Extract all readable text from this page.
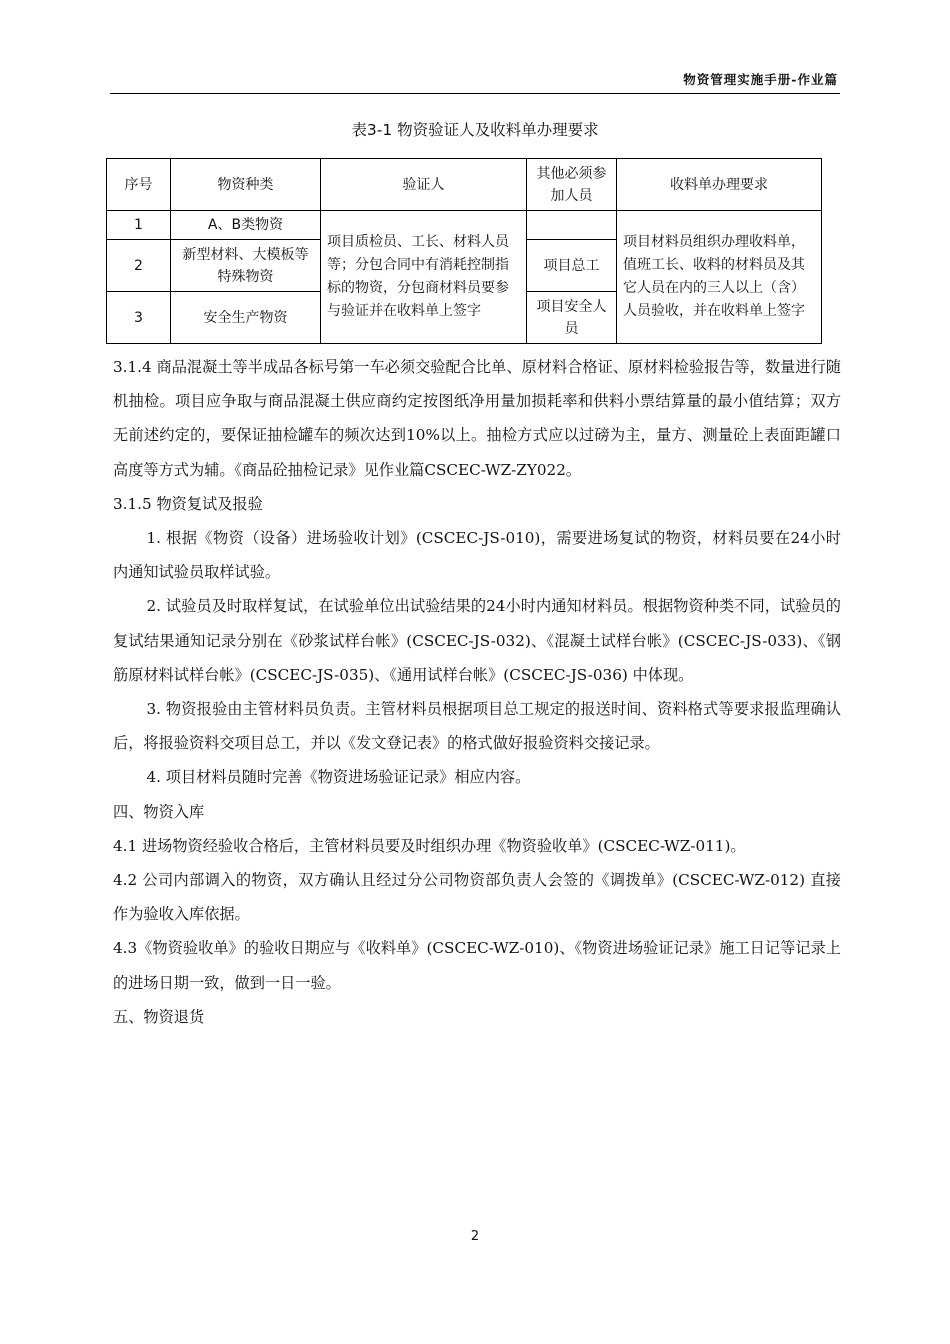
物资管理实施手册-作业篇
表3-1 物资验证人及收料单办理要求
序号	物资种类	验证人	其他必须参加人员	收料单办理要求
1	A、B类物资	项目质检员、工长、材料人员等；分包合同中有消耗控制指标的物资，分包商材料员要参与验证并在收料单上签字		项目材料员组织办理收料单，值班工长、收料的材料员及其它人员在内的三人以上（含）人员验收，并在收料单上签字
2	新型材料、大模板等特殊物资		项目总工	
3	安全生产物资		项目安全人员	

3.1.4 商品混凝土等半成品各标号第一车必须交验配合比单、原材料合格证、原材料检验报告等，数量进行随机抽检。项目应争取与商品混凝土供应商约定按图纸净用量加损耗率和供料小票结算量的最小值结算；双方无前述约定的，要保证抽检罐车的频次达到10%以上。抽检方式应以过磅为主，量方、测量砼上表面距罐口高度等方式为辅。《商品砼抽检记录》见作业篇CSCEC-WZ-ZY022。

3.1.5 物资复试及报验

1. 根据《物资（设备）进场验收计划》(CSCEC-JS-010)，需要进场复试的物资，材料员要在24小时内通知试验员取样试验。

2. 试验员及时取样复试，在试验单位出试验结果的24小时内通知材料员。根据物资种类不同，试验员的复试结果通知记录分别在《砂浆试样台帐》(CSCEC-JS-032)、《混凝土试样台帐》(CSCEC-JS-033)、《钢筋原材料试样台帐》(CSCEC-JS-035)、《通用试样台帐》(CSCEC-JS-036) 中体现。

3. 物资报验由主管材料员负责。主管材料员根据项目总工规定的报送时间、资料格式等要求报监理确认后，将报验资料交项目总工，并以《发文登记表》的格式做好报验资料交接记录。

4. 项目材料员随时完善《物资进场验证记录》相应内容。

四、物资入库

4.1 进场物资经验收合格后，主管材料员要及时组织办理《物资验收单》(CSCEC-WZ-011)。

4.2 公司内部调入的物资，双方确认且经过分公司物资部负责人会签的《调拨单》(CSCEC-WZ-012) 直接作为验收入库依据。

4.3《物资验收单》的验收日期应与《收料单》(CSCEC-WZ-010)、《物资进场验证记录》施工日记等记录上的进场日期一致，做到一日一验。

五、物资退货

2
